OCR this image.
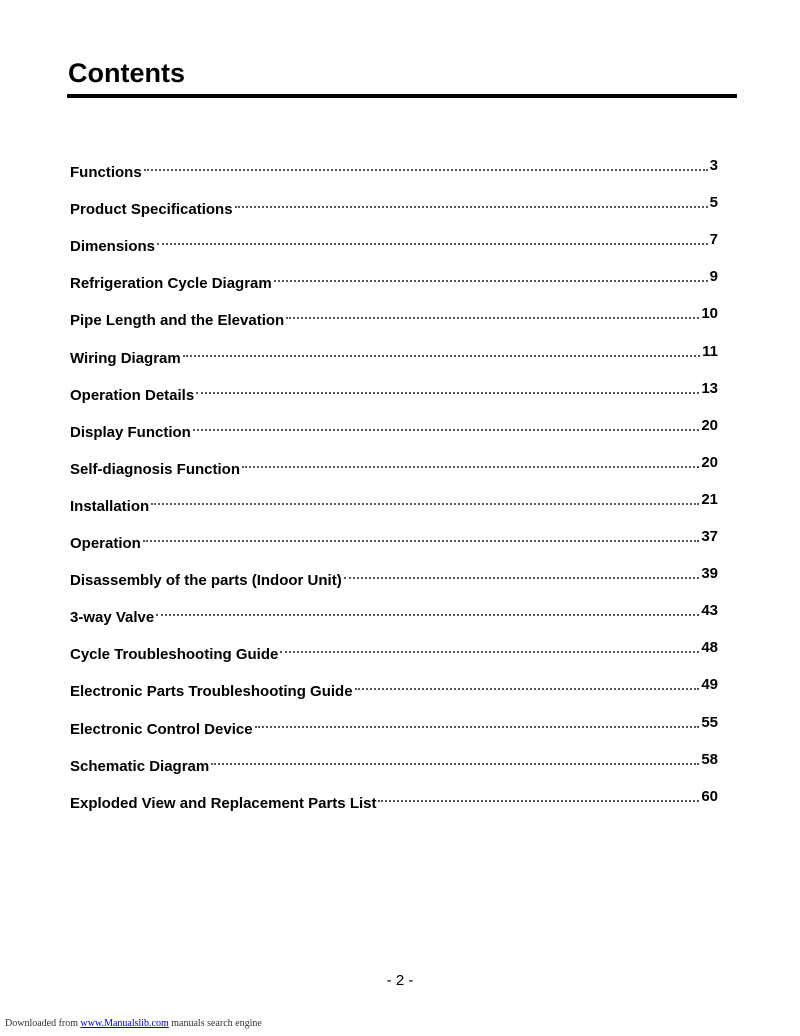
Contents
Functions	3
Product Specifications	5
Dimensions	7
Refrigeration Cycle Diagram	9
Pipe Length and the Elevation	10
Wiring Diagram	11
Operation Details	13
Display Function	20
Self-diagnosis Function	20
Installation	21
Operation	37
Disassembly of the parts (Indoor Unit)	39
3-way Valve	43
Cycle Troubleshooting Guide	48
Electronic Parts Troubleshooting Guide	49
Electronic Control Device	55
Schematic Diagram	58
Exploded View and Replacement Parts List	60
- 2 -
Downloaded from www.Manualslib.com manuals search engine
